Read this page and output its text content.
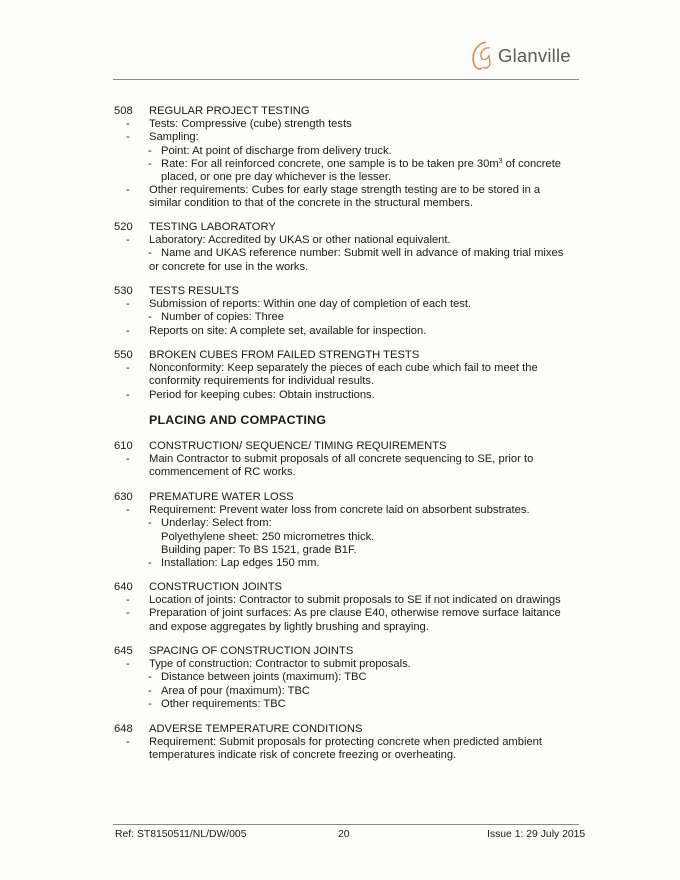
Glanville
508	REGULAR PROJECT TESTING
- Tests: Compressive (cube) strength tests
- Sampling:
- Point: At point of discharge from delivery truck.
- Rate: For all reinforced concrete, one sample is to be taken pre $30m^3$ of concrete
placed, or one pre day whichever is the lesser.
- Other requirements: Cubes for early stage strength testing are to be stored in a
similar condition to that of the concrete in the structural members.
520	TESTING LABORATORY
- Laboratory: Accredited by UKAS or other national equivalent.
- Name and UKAS reference number: Submit well in advance of making trial mixes
or concrete for use in the works.
530	TESTS RESULTS
- Submission of reports: Within one day of completion of each test.
- Number of copies: Three
- Reports on site: A complete set, available for inspection.
550	BROKEN CUBES FROM FAILED STRENGTH TESTS
- Nonconformity: Keep separately the pieces of each cube which fail to meet the
conformity requirements for individual results.
- Period for keeping cubes: Obtain instructions.
610	CONSTRUCTION/ SEQUENCE/ TIMING REQUIREMENTS
- Main Contractor to submit proposals of all concrete sequencing to SE, prior to
commencement of RC works.
630	PREMATURE WATER LOSS
- Requirement: Prevent water loss from concrete laid on absorbent substrates.
- Underlay: Select from:
Polyethylene sheet: 250 micrometres thick.
Building paper: To BS 1521, grade B1F.
- Installation: Lap edges 150 mm.
640	CONSTRUCTION JOINTS
- Location of joints: Contractor to submit proposals to SE if not indicated on drawings
- Preparation of joint surfaces: As pre clause E40, otherwise remove surface laitance
and expose aggregates by lightly brushing and spraying.
645	SPACING OF CONSTRUCTION JOINTS
- Type of construction: Contractor to submit proposals.
- Distance between joints (maximum): TBC
- Area of pour (maximum): TBC
- Other requirements: TBC
648	ADVERSE TEMPERATURE CONDITIONS
- Requirement: Submit proposals for protecting concrete when predicted ambient
temperatures indicate risk of concrete freezing or overheating.
PLACING AND COMPACTING
Ref: ST8150511/NL/DW/005	20	Issue 1: 29 July 2015
